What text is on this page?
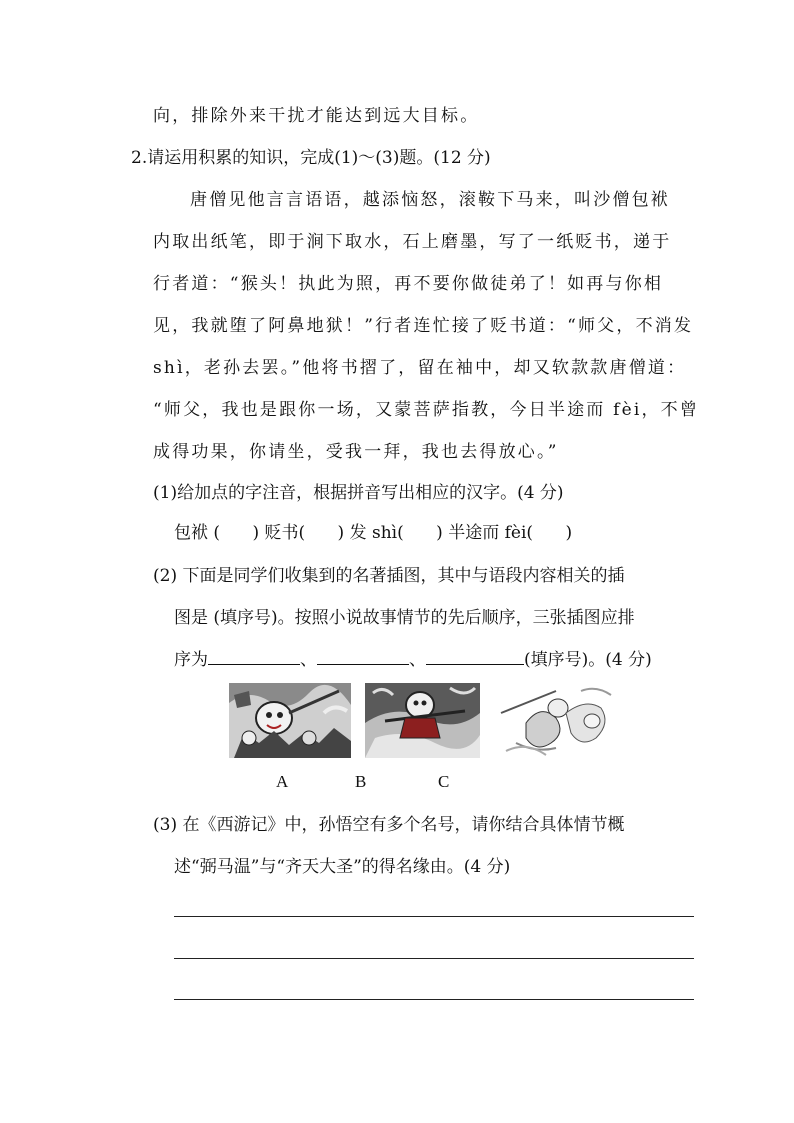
向，排除外来干扰才能达到远大目标。
2.请运用积累的知识，完成(1)～(3)题。(12 分)
唐僧见他言言语语，越添恼怒，滚鞍下马来，叫沙僧包袱
内取出纸笔，即于涧下取水，石上磨墨，写了一纸贬书，递于
行者道：“猴头！执此为照，再不要你做徒弟了！如再与你相
见，我就堕了阿鼻地狱！”行者连忙接了贬书道：“师父，不消发
shì，老孙去罢。”他将书摺了，留在袖中，却又软款款唐僧道：
“师父，我也是跟你一场，又蒙菩萨指教，今日半途而 fèi，不曾
成得功果，你请坐，受我一拜，我也去得放心。”
(1)给加点的字注音，根据拼音写出相应的汉字。(4 分)
包袱 (      ) 贬书(      ) 发 shì(      ) 半途而 fèi(      )
(2) 下面是同学们收集到的名著插图，其中与语段内容相关的插
图是 (填序号)。按照小说故事情节的先后顺序，三张插图应排
序为	、	、	(填序号)。(4 分)
A	B	C
(3) 在《西游记》中，孙悟空有多个名号，请你结合具体情节概
述“弼马温”与“齐天大圣”的得名缘由。(4 分)
